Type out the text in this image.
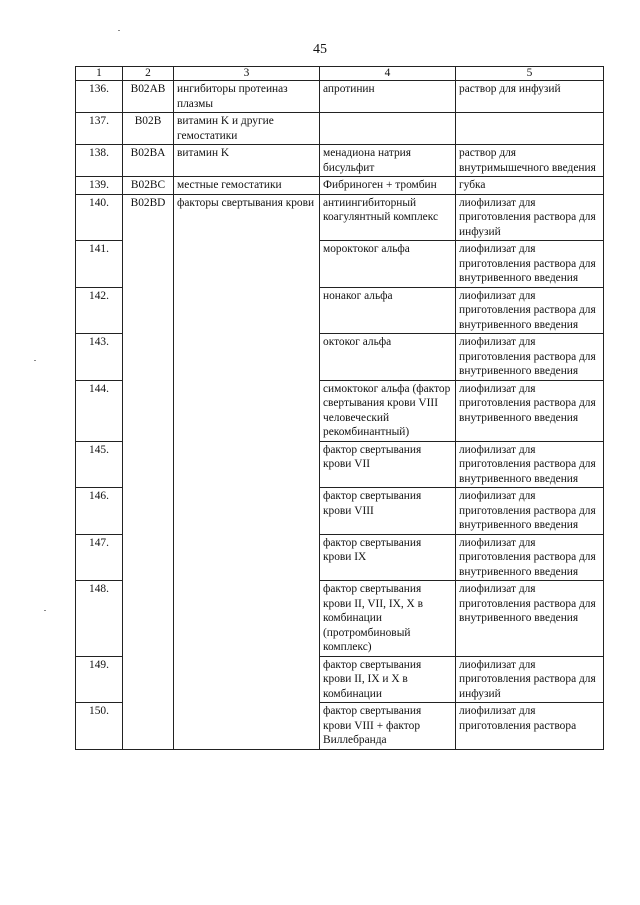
45
1	2	3	4	5
136.	B02AB	ингибиторы протеиназ плазмы	апротинин	раствор для инфузий
137.	B02B	витамин K и другие гемостатики		
138.	B02BA	витамин K	менадиона натрия бисульфит	раствор для внутримышечного введения
139.	B02BC	местные гемостатики	Фибриноген + тромбин	губка
140.	B02BD	факторы свертывания крови	антиингибиторный коагулянтный комплекс	лиофилизат для приготовления раствора для инфузий
141.			мороктоког альфа	лиофилизат для приготовления раствора для внутривенного введения
142.			нонаког альфа	лиофилизат для приготовления раствора для внутривенного введения
143.			октоког альфа	лиофилизат для приготовления раствора для внутривенного введения
144.			симоктоког альфа (фактор свертывания крови VIII человеческий рекомбинантный)	лиофилизат для приготовления раствора для внутривенного введения
145.			фактор свертывания крови VII	лиофилизат для приготовления раствора для внутривенного введения
146.			фактор свертывания крови VIII	лиофилизат для приготовления раствора для внутривенного введения
147.			фактор свертывания крови IX	лиофилизат для приготовления раствора для внутривенного введения
148.			фактор свертывания крови II, VII, IX, X в комбинации (протромбиновый комплекс)	лиофилизат для приготовления раствора для внутривенного введения
149.			фактор свертывания крови II, IX и X в комбинации	лиофилизат для приготовления раствора для инфузий
150.			фактор свертывания крови VIII + фактор Виллебранда	лиофилизат для приготовления раствора
